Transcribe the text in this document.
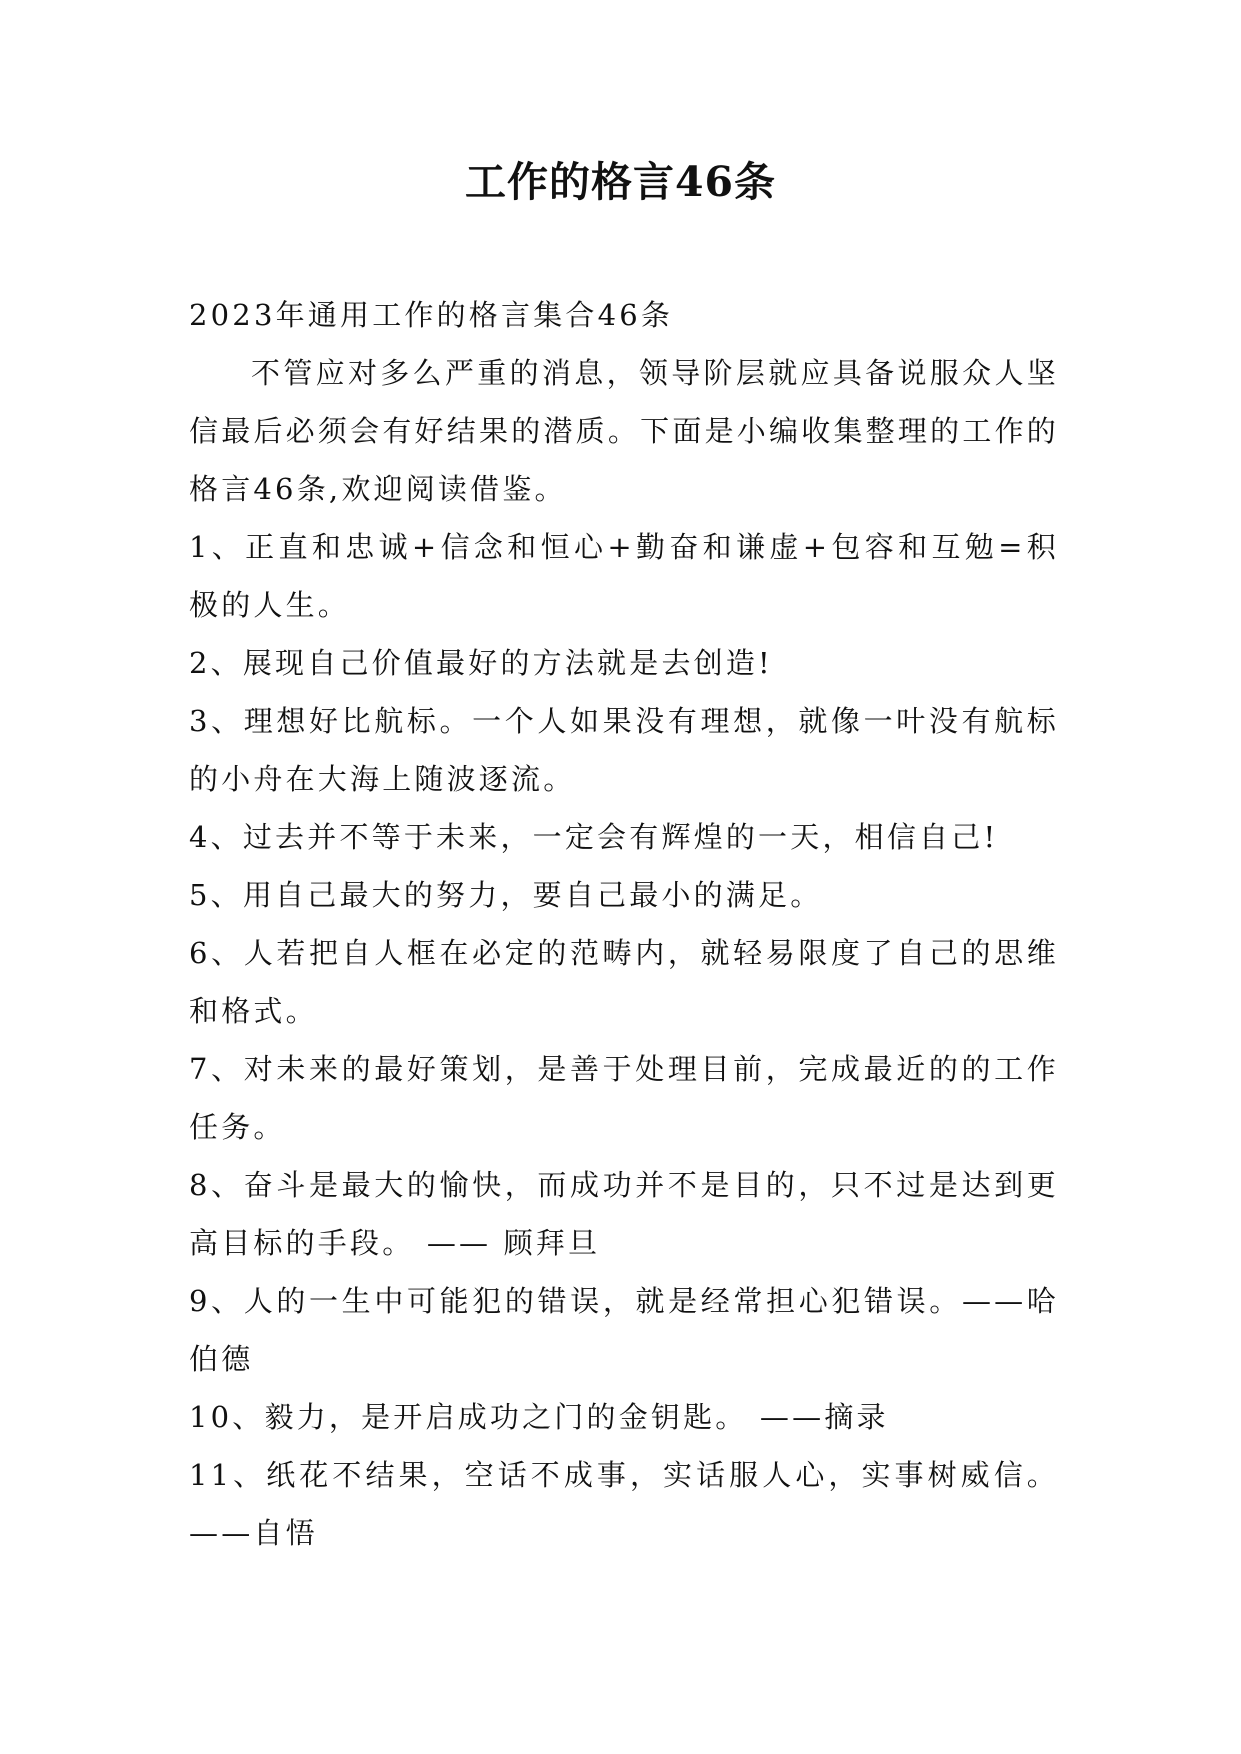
工作的格言46条

2023年通用工作的格言集合46条

不管应对多么严重的消息，领导阶层就应具备说服众人坚信最后必须会有好结果的潜质。下面是小编收集整理的工作的格言46条,欢迎阅读借鉴。

1、正直和忠诚+信念和恒心+勤奋和谦虚+包容和互勉=积极的人生。

2、展现自己价值最好的方法就是去创造!

3、理想好比航标。一个人如果没有理想，就像一叶没有航标的小舟在大海上随波逐流。

4、过去并不等于未来，一定会有辉煌的一天，相信自己!

5、用自己最大的努力，要自己最小的满足。

6、人若把自人框在必定的范畴内，就轻易限度了自己的思维和格式。

7、对未来的最好策划，是善于处理目前，完成最近的的工作任务。

8、奋斗是最大的愉快，而成功并不是目的，只不过是达到更高目标的手段。 —— 顾拜旦

9、人的一生中可能犯的错误，就是经常担心犯错误。——哈伯德

10、毅力，是开启成功之门的金钥匙。 ——摘录

11、纸花不结果，空话不成事，实话服人心，实事树威信。——自悟
